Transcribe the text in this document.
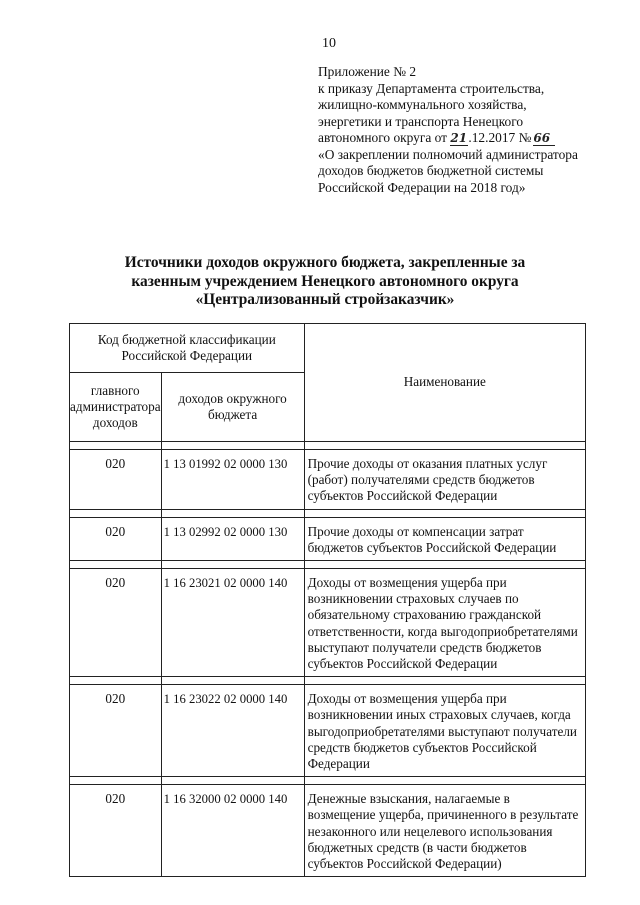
10
Приложение № 2
к приказу Департамента строительства,
жилищно-коммунального хозяйства,
энергетики и транспорта Ненецкого
автономного округа от 21.12.2017 № 66
«О закреплении полномочий администратора
доходов бюджетов бюджетной системы
Российской Федерации на 2018 год»
Источники доходов окружного бюджета, закрепленные за
казенным учреждением Ненецкого автономного округа
«Централизованный стройзаказчик»
Код бюджетной классификации Российской Федерации		Наименование
главного администратора доходов	доходов окружного бюджета	

020	1 13 01992 02 0000 130	Прочие доходы от оказания платных услуг (работ) получателями средств бюджетов субъектов Российской Федерации

020	1 13 02992 02 0000 130	Прочие доходы от компенсации затрат бюджетов субъектов Российской Федерации

020	1 16 23021 02 0000 140	Доходы от возмещения ущерба при возникновении страховых случаев по обязательному страхованию гражданской ответственности, когда выгодоприобретателями выступают получатели средств бюджетов субъектов Российской Федерации

020	1 16 23022 02 0000 140	Доходы от возмещения ущерба при возникновении иных страховых случаев, когда выгодоприобретателями выступают получатели средств бюджетов субъектов Российской Федерации

020	1 16 32000 02 0000 140	Денежные взыскания, налагаемые в возмещение ущерба, причиненного в результате незаконного или нецелевого использования бюджетных средств (в части бюджетов субъектов Российской Федерации)
